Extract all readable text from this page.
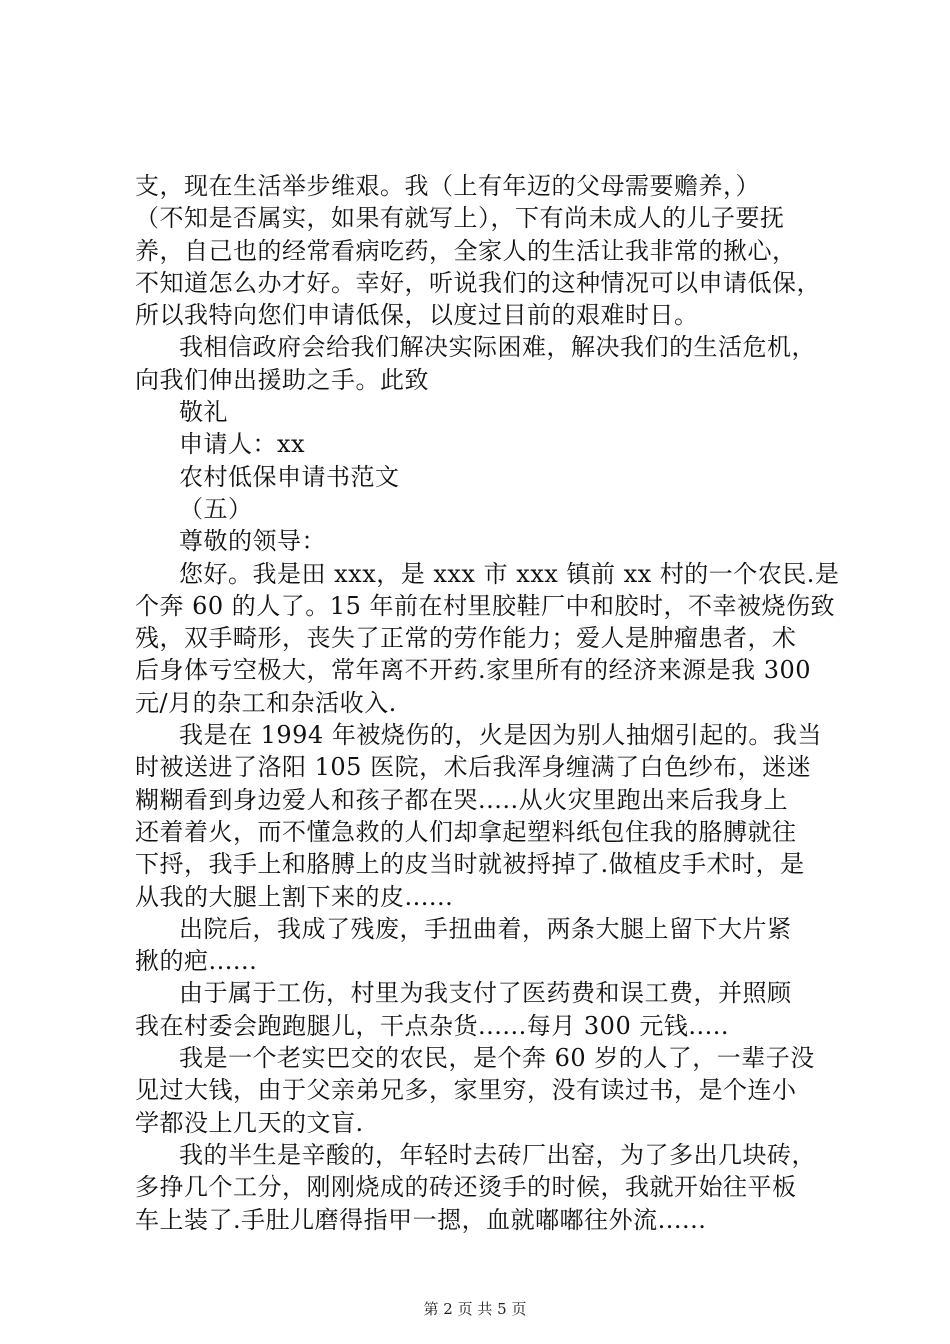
支，现在生活举步维艰。我（上有年迈的父母需要赡养，）
（不知是否属实，如果有就写上），下有尚未成人的儿子要抚
养，自己也的经常看病吃药，全家人的生活让我非常的揪心，
不知道怎么办才好。幸好，听说我们的这种情况可以申请低保，
所以我特向您们申请低保，以度过目前的艰难时日。
我相信政府会给我们解决实际困难，解决我们的生活危机，
向我们伸出援助之手。此致
敬礼
申请人：xx
农村低保申请书范文
（五）
尊敬的领导：
您好。我是田 xxx，是 xxx 市 xxx 镇前 xx 村的一个农民.是
个奔 60 的人了。15 年前在村里胶鞋厂中和胶时，不幸被烧伤致
残，双手畸形，丧失了正常的劳作能力；爱人是肿瘤患者，术
后身体亏空极大，常年离不开药.家里所有的经济来源是我 300
元/月的杂工和杂活收入.
我是在 1994 年被烧伤的，火是因为别人抽烟引起的。我当
时被送进了洛阳 105 医院，术后我浑身缠满了白色纱布，迷迷
糊糊看到身边爱人和孩子都在哭.....从火灾里跑出来后我身上
还着着火，而不懂急救的人们却拿起塑料纸包住我的胳膊就往
下捋，我手上和胳膊上的皮当时就被捋掉了.做植皮手术时，是
从我的大腿上割下来的皮......
出院后，我成了残废，手扭曲着，两条大腿上留下大片紧
揪的疤......
由于属于工伤，村里为我支付了医药费和误工费，并照顾
我在村委会跑跑腿儿，干点杂货......每月 300 元钱.....
我是一个老实巴交的农民，是个奔 60 岁的人了，一辈子没
见过大钱，由于父亲弟兄多，家里穷，没有读过书，是个连小
学都没上几天的文盲.
我的半生是辛酸的，年轻时去砖厂出窑，为了多出几块砖，
多挣几个工分，刚刚烧成的砖还烫手的时候，我就开始往平板
车上装了.手肚儿磨得指甲一摁，血就嘟嘟往外流......
第 2 页 共 5 页
